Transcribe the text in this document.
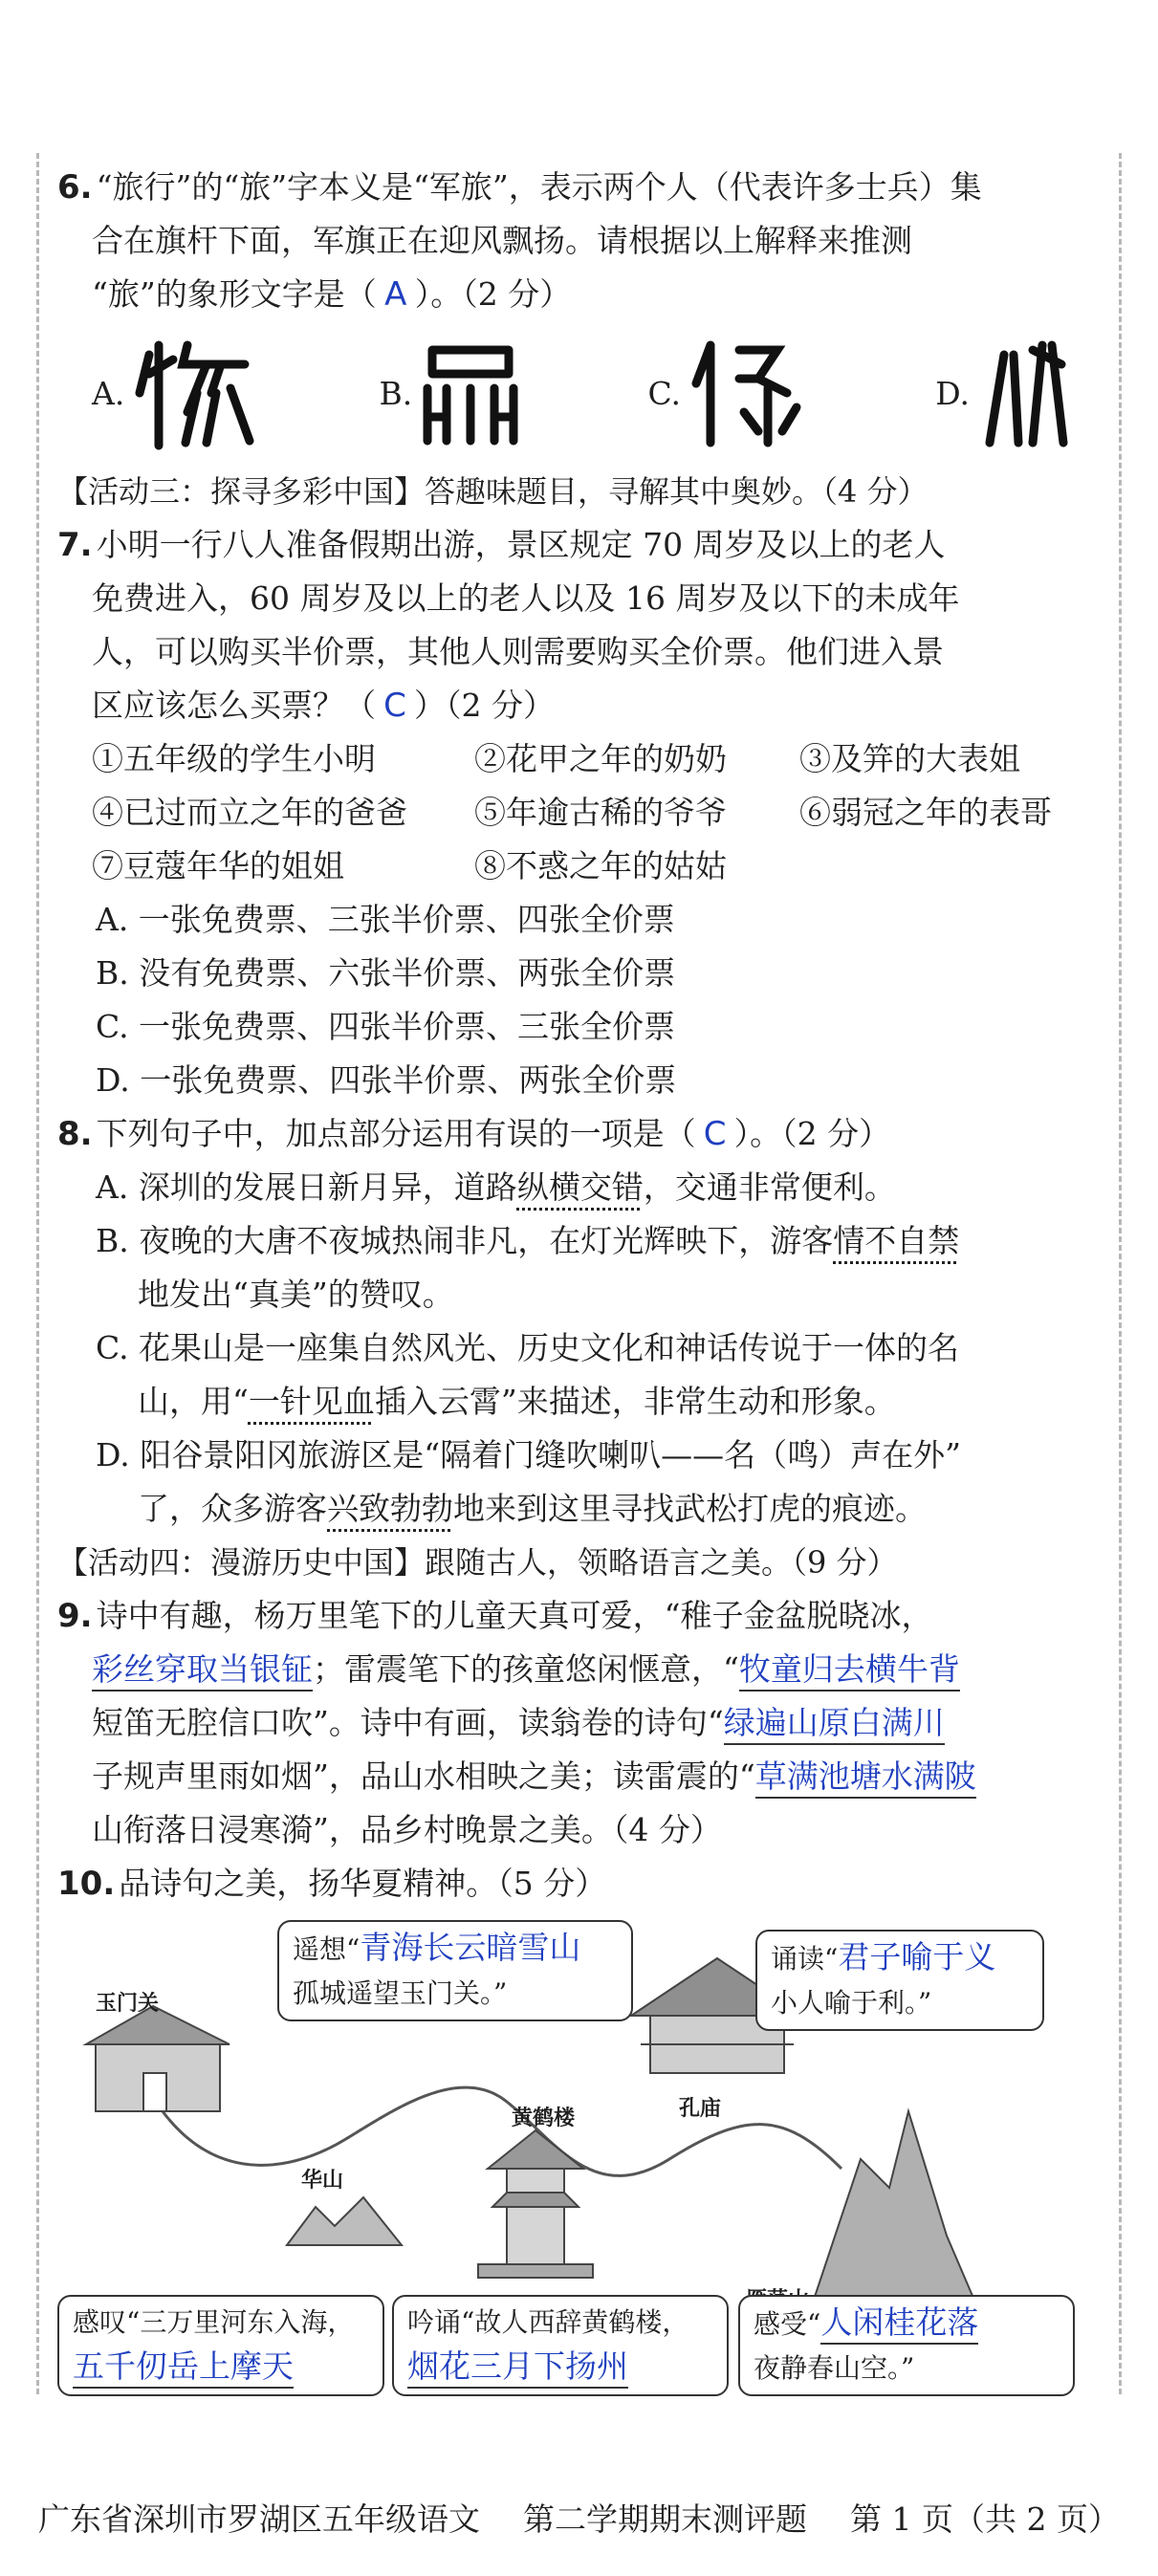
6. “旅行”的“旅”字本义是“军旅”，表示两个人（代表许多士兵）集
合在旗杆下面，军旗正在迎风飘扬。请根据以上解释来推测
“旅”的象形文字是（ A ）。（2 分）
A.	B.	C.	D.
【活动三：探寻多彩中国】答趣味题目，寻解其中奥妙。（4 分）
7. 小明一行八人准备假期出游，景区规定 70 周岁及以上的老人
免费进入，60 周岁及以上的老人以及 16 周岁及以下的未成年
人，可以购买半价票，其他人则需要购买全价票。他们进入景
区应该怎么买票？（ C ）（2 分）
①五年级的学生小明	②花甲之年的奶奶	③及笄的大表姐
④已过而立之年的爸爸	⑤年逾古稀的爷爷	⑥弱冠之年的表哥
⑦豆蔻年华的姐姐	⑧不惑之年的姑姑
A. 一张免费票、三张半价票、四张全价票
B. 没有免费票、六张半价票、两张全价票
C. 一张免费票、四张半价票、三张全价票
D. 一张免费票、四张半价票、两张全价票
8. 下列句子中，加点部分运用有误的一项是（ C ）。（2 分）
A. 深圳的发展日新月异，道路纵横交错，交通非常便利。
B. 夜晚的大唐不夜城热闹非凡，在灯光辉映下，游客情不自禁
地发出“真美”的赞叹。
C. 花果山是一座集自然风光、历史文化和神话传说于一体的名
山，用“一针见血插入云霄”来描述，非常生动和形象。
D. 阳谷景阳冈旅游区是“隔着门缝吹喇叭——名（鸣）声在外”
了，众多游客兴致勃勃地来到这里寻找武松打虎的痕迹。
【活动四：漫游历史中国】跟随古人，领略语言之美。（9 分）
9. 诗中有趣，杨万里笔下的儿童天真可爱，“稚子金盆脱晓冰，
彩丝穿取当银钲；雷震笔下的孩童悠闲惬意，“牧童归去横牛背
短笛无腔信口吹”。诗中有画，读翁卷的诗句“绿遍山原白满川
子规声里雨如烟”，品山水相映之美；读雷震的“草满池塘水满陂
山衔落日浸寒漪”，品乡村晚景之美。（4 分）
10. 品诗句之美，扬华夏精神。（5 分）
玉门关
华山
黄鹤楼	孔庙
遥想“青海长云暗雪山
孤城遥望玉门关。”
诵读“君子喻于义
小人喻于利。”
感叹“三万里河东入海，
五千仞岳上摩天
吟诵“故人西辞黄鹤楼，
烟花三月下扬州
感受“人闲桂花落
夜静春山空。”
广东省深圳市罗湖区五年级语文 第二学期期末测评题 第 1 页（共 2 页）
